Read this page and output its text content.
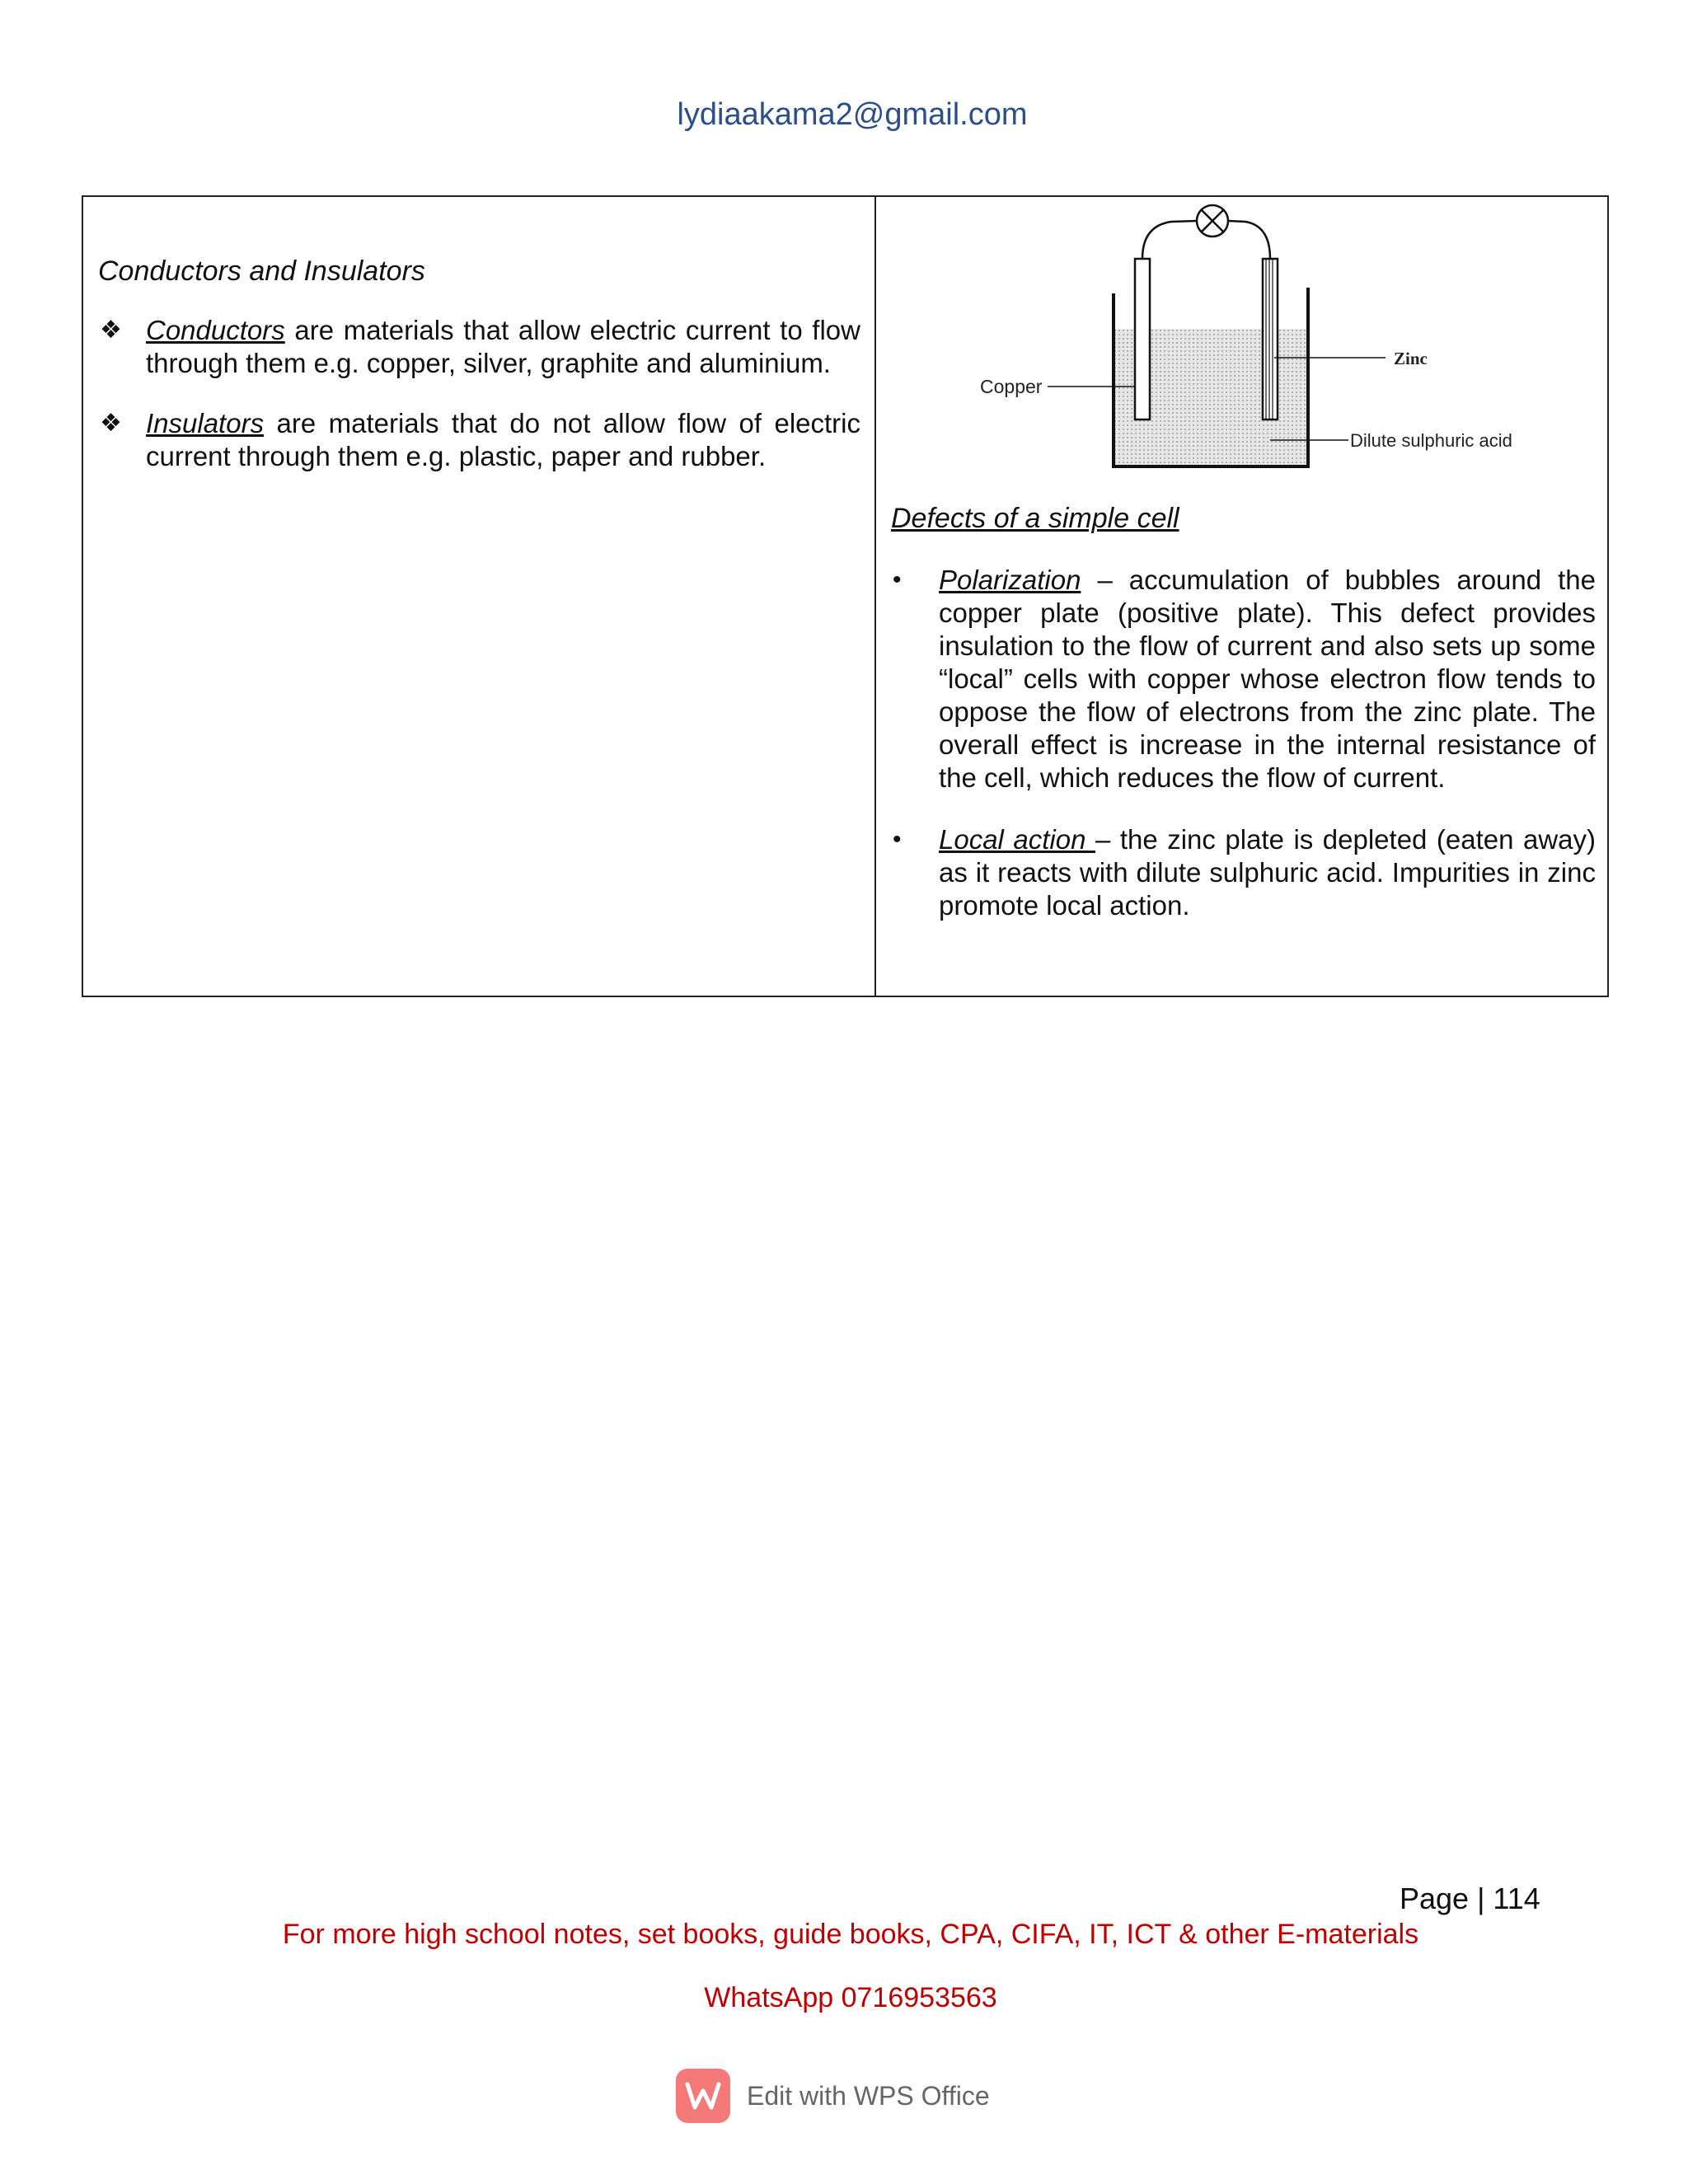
lydiaakama2@gmail.com

Conductors and Insulators

❖ Conductors are materials that allow electric current to flow through them e.g. copper, silver, graphite and aluminium.
❖ Insulators are materials that do not allow flow of electric current through them e.g. plastic, paper and rubber.
Copper
Zinc
Dilute sulphuric acid

Defects of a simple cell

• Polarization – accumulation of bubbles around the copper plate (positive plate). This defect provides insulation to the flow of current and also sets up some “local” cells with copper whose electron flow tends to oppose the flow of electrons from the zinc plate. The overall effect is increase in the internal resistance of the cell, which reduces the flow of current.
• Local action – the zinc plate is depleted (eaten away) as it reacts with dilute sulphuric acid. Impurities in zinc promote local action.
Page | 114
For more high school notes, set books, guide books, CPA, CIFA, IT, ICT & other E-materials
WhatsApp 0716953563
Edit with WPS Office
